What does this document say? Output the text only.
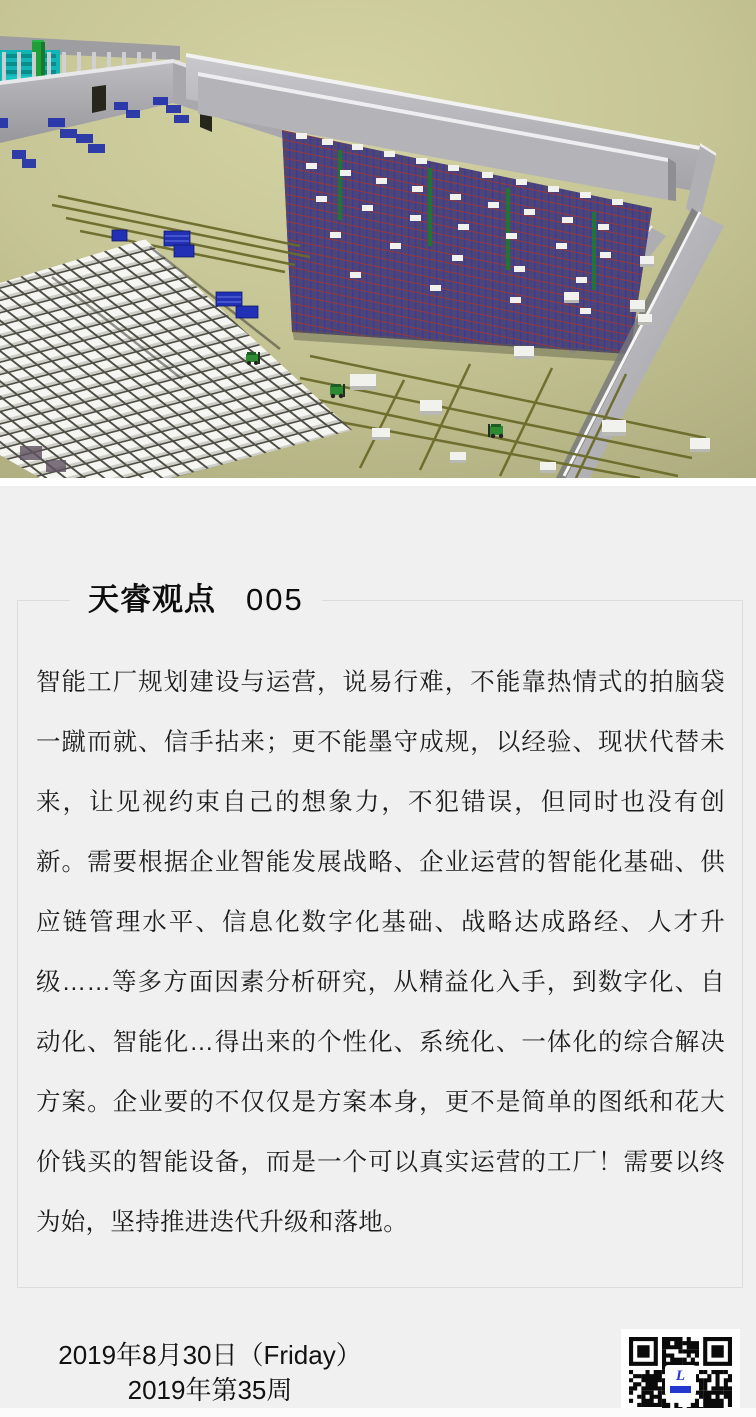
天睿观点 005

智能工厂规划建设与运营，说易行难，不能靠热情式的拍脑袋一蹴而就、信手拈来；更不能墨守成规，以经验、现状代替未来，让见视约束自己的想象力，不犯错误，但同时也没有创新。需要根据企业智能发展战略、企业运营的智能化基础、供应链管理水平、信息化数字化基础、战略达成路经、人才升级……等多方面因素分析研究，从精益化入手，到数字化、自动化、智能化…得出来的个性化、系统化、一体化的综合解决方案。企业要的不仅仅是方案本身，更不是简单的图纸和花大价钱买的智能设备，而是一个可以真实运营的工厂！需要以终为始，坚持推进迭代升级和落地。

2019年8月30日（Friday）
2019年第35周	L
